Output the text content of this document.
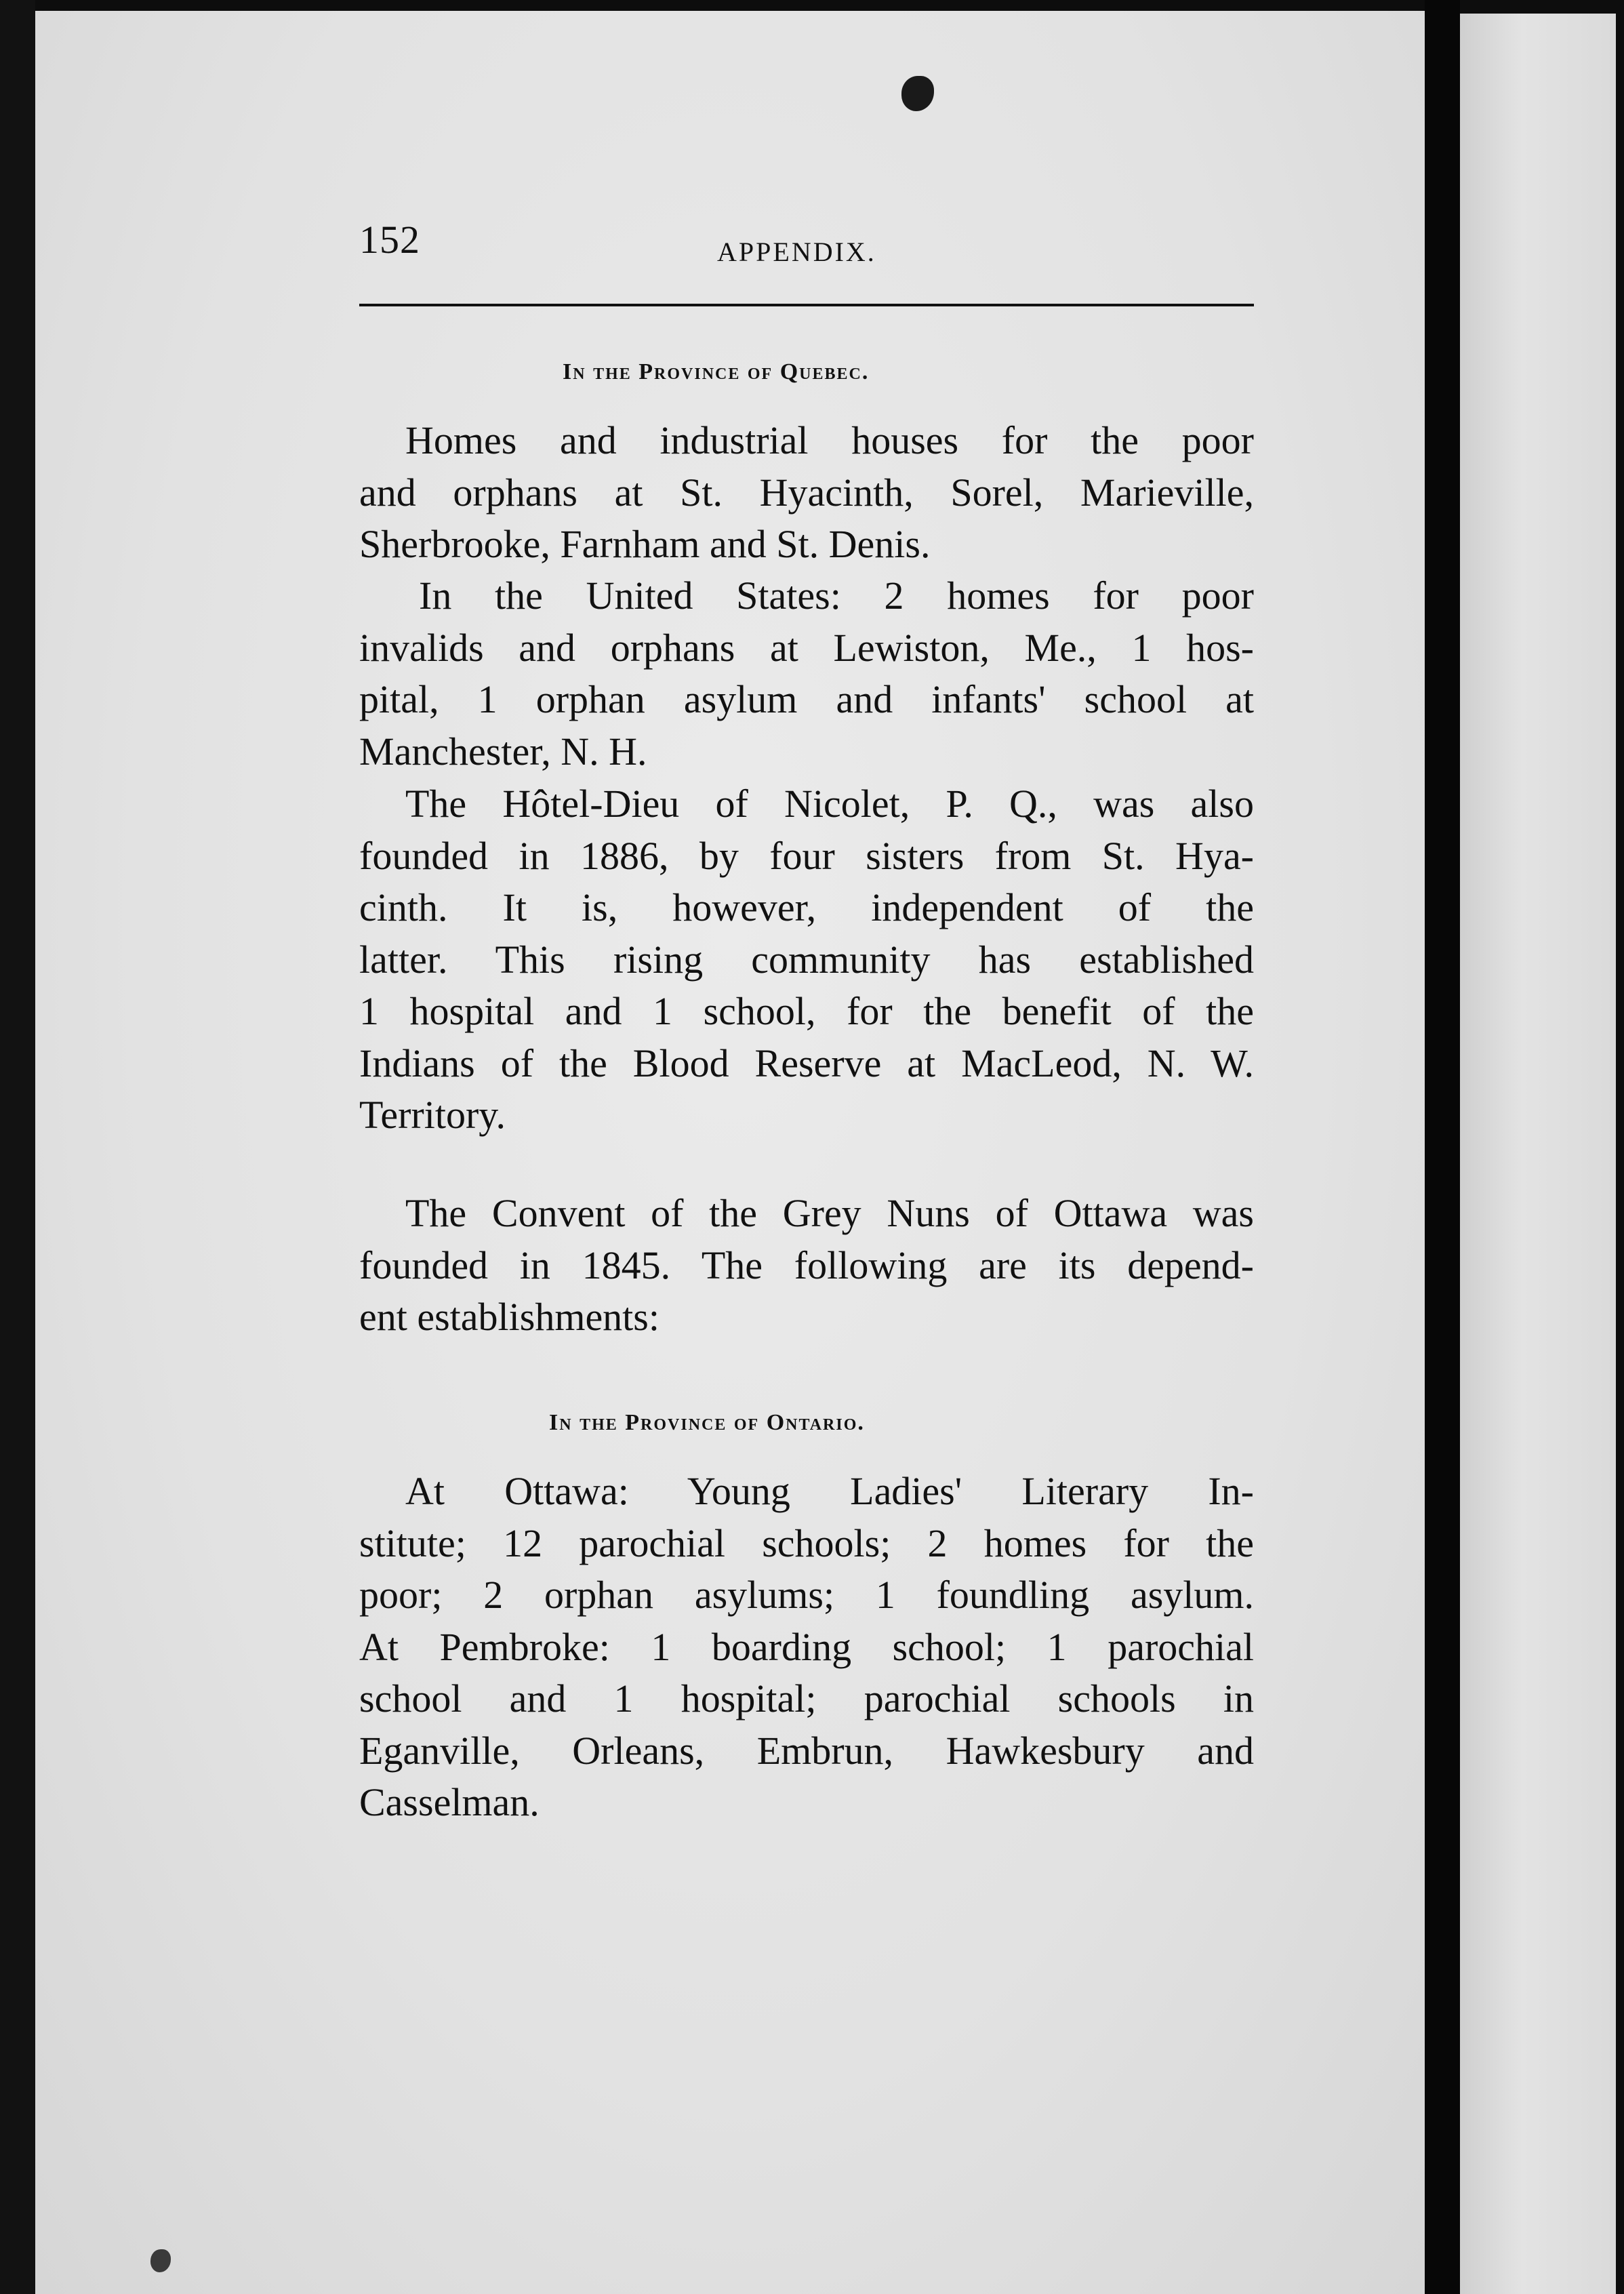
152	APPENDIX.
In the Province of Quebec.
Homes and industrial houses for the poor
and orphans at St. Hyacinth, Sorel, Marieville,
Sherbrooke, Farnham and St. Denis.
In the United States: 2 homes for poor
invalids and orphans at Lewiston, Me., 1 hos-
pital, 1 orphan asylum and infants' school at
Manchester, N. H.
The Hôtel-Dieu of Nicolet, P. Q., was also
founded in 1886, by four sisters from St. Hya-
cinth. It is, however, independent of the
latter. This rising community has established
1 hospital and 1 school, for the benefit of the
Indians of the Blood Reserve at MacLeod, N. W.
Territory.
The Convent of the Grey Nuns of Ottawa was
founded in 1845. The following are its depend-
ent establishments:
In the Province of Ontario.
At Ottawa: Young Ladies' Literary In-
stitute; 12 parochial schools; 2 homes for the
poor; 2 orphan asylums; 1 foundling asylum.
At Pembroke: 1 boarding school; 1 parochial
school and 1 hospital; parochial schools in
Eganville, Orleans, Embrun, Hawkesbury and
Casselman.
